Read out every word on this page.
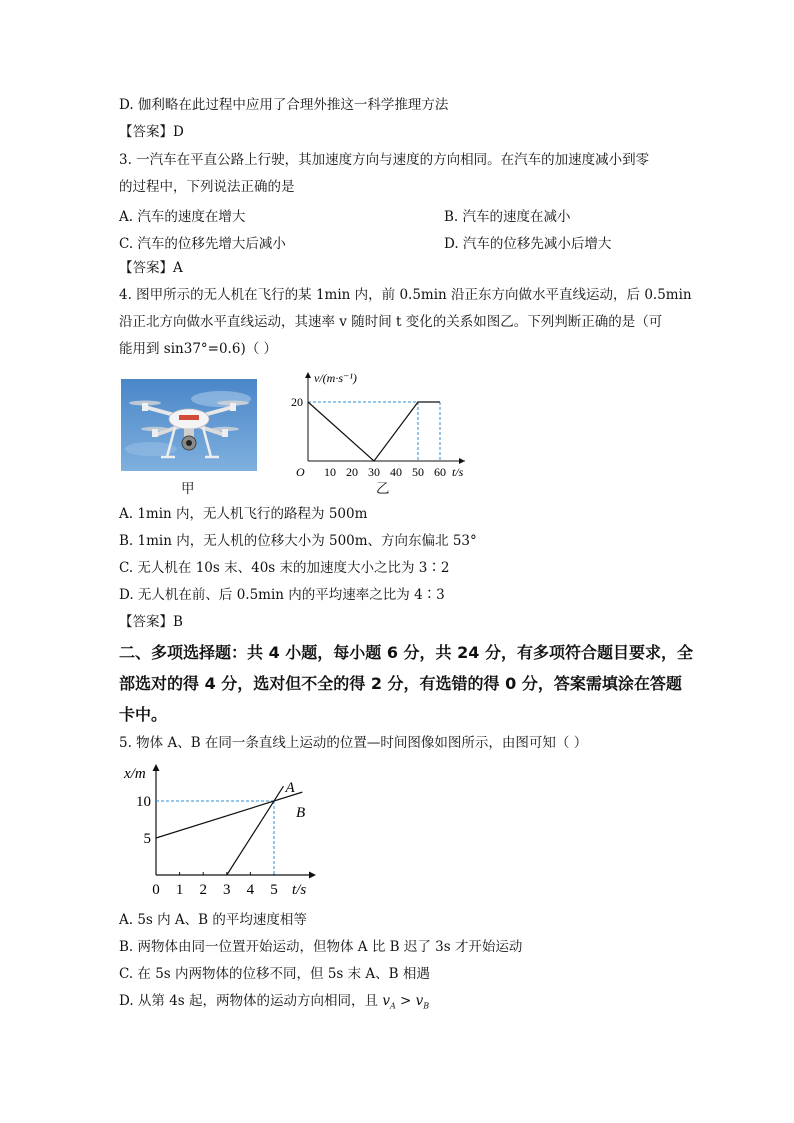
D. 伽利略在此过程中应用了合理外推这一科学推理方法
【答案】D
3. 一汽车在平直公路上行驶，其加速度方向与速度的方向相同。在汽车的加速度减小到零
的过程中，下列说法正确的是
A. 汽车的速度在增大	B. 汽车的速度在减小
C. 汽车的位移先增大后减小	D. 汽车的位移先减小后增大
【答案】A
4. 图甲所示的无人机在飞行的某 1min 内，前 0.5min 沿正东方向做水平直线运动，后 0.5min
沿正北方向做水平直线运动，其速率 v 随时间 t 变化的关系如图乙。下列判断正确的是（可
能用到 sin37°=0.6)（ ）
甲
v/(m·s⁻¹)
t/s
O 10 20 30 40 50 60
20
乙
A. 1min 内，无人机飞行的路程为 500m
B. 1min 内，无人机的位移大小为 500m、方向东偏北 53°
C. 无人机在 10s 末、40s 末的加速度大小之比为 3∶2
D. 无人机在前、后 0.5min 内的平均速率之比为 4∶3
【答案】B
二、多项选择题：共 4 小题，每小题 6 分，共 24 分，有多项符合题目要求，全
部选对的得 4 分，选对但不全的得 2 分，有选错的得 0 分，答案需填涂在答题
卡中。
5. 物体 A、B 在同一条直线上运动的位置—时间图像如图所示，由图可知（ ）
x/m
t/s
0 1 2 3 4 5
5
10
A
B
A. 5s 内 A、B 的平均速度相等
B. 两物体由同一位置开始运动，但物体 A 比 B 迟了 3s 才开始运动
C. 在 5s 内两物体的位移不同，但 5s 末 A、B 相遇
D. 从第 4s 起，两物体的运动方向相同，且 $v_A > v_B$
